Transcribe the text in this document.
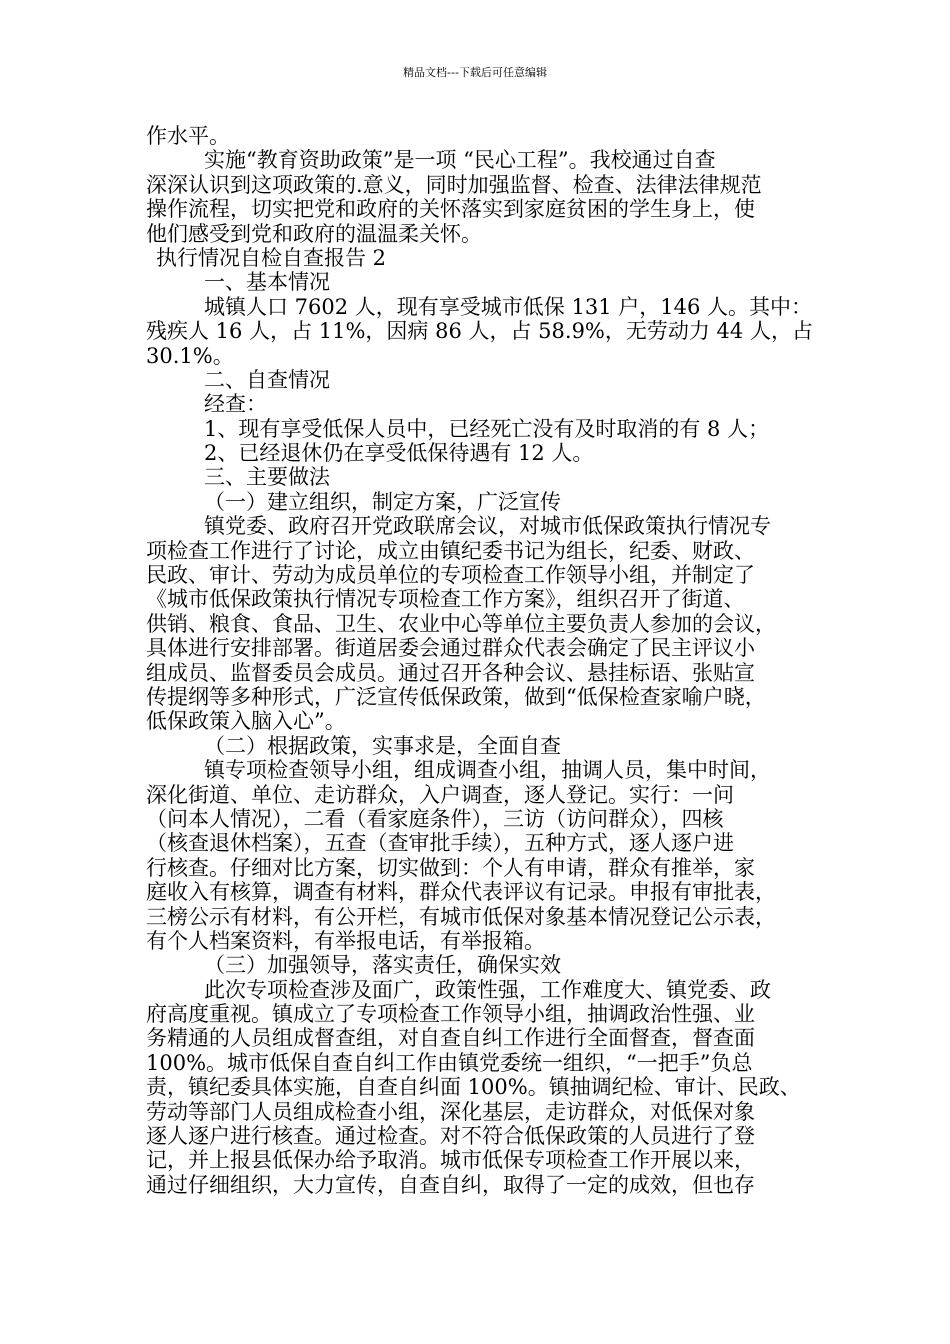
精品文档---下载后可任意编辑
作水平。
实施“教育资助政策”是一项 “民心工程”。我校通过自查
深深认识到这项政策的.意义，同时加强监督、检查、法律法律规范
操作流程，切实把党和政府的关怀落实到家庭贫困的学生身上，使
他们感受到党和政府的温温柔关怀。
执行情况自检自查报告 2
一、基本情况
城镇人口 7602 人，现有享受城市低保 131 户，146 人。其中：
残疾人 16 人，占 11%，因病 86 人，占 58.9%，无劳动力 44 人，占
30.1%。
二、自查情况
经查：
1、现有享受低保人员中，已经死亡没有及时取消的有 8 人；
2、已经退休仍在享受低保待遇有 12 人。
三、主要做法
（一）建立组织，制定方案，广泛宣传
镇党委、政府召开党政联席会议，对城市低保政策执行情况专
项检查工作进行了讨论，成立由镇纪委书记为组长，纪委、财政、
民政、审计、劳动为成员单位的专项检查工作领导小组，并制定了
《城市低保政策执行情况专项检查工作方案》，组织召开了街道、
供销、粮食、食品、卫生、农业中心等单位主要负责人参加的会议，
具体进行安排部署。街道居委会通过群众代表会确定了民主评议小
组成员、监督委员会成员。通过召开各种会议、悬挂标语、张贴宣
传提纲等多种形式，广泛宣传低保政策，做到“低保检查家喻户晓，
低保政策入脑入心”。
（二）根据政策，实事求是，全面自查
镇专项检查领导小组，组成调查小组，抽调人员，集中时间，
深化街道、单位、走访群众，入户调查，逐人登记。实行：一问
（问本人情况），二看（看家庭条件），三访（访问群众），四核
（核查退休档案），五查（查审批手续），五种方式，逐人逐户进
行核查。仔细对比方案，切实做到：个人有申请，群众有推举，家
庭收入有核算，调查有材料，群众代表评议有记录。申报有审批表，
三榜公示有材料，有公开栏，有城市低保对象基本情况登记公示表，
有个人档案资料，有举报电话，有举报箱。
（三）加强领导，落实责任，确保实效
此次专项检查涉及面广，政策性强，工作难度大、镇党委、政
府高度重视。镇成立了专项检查工作领导小组，抽调政治性强、业
务精通的人员组成督查组，对自查自纠工作进行全面督查，督查面
100%。城市低保自查自纠工作由镇党委统一组织，“一把手”负总
责，镇纪委具体实施，自查自纠面 100%。镇抽调纪检、审计、民政、
劳动等部门人员组成检查小组，深化基层，走访群众，对低保对象
逐人逐户进行核查。通过检查。对不符合低保政策的人员进行了登
记，并上报县低保办给予取消。城市低保专项检查工作开展以来，
通过仔细组织，大力宣传，自查自纠，取得了一定的成效，但也存
